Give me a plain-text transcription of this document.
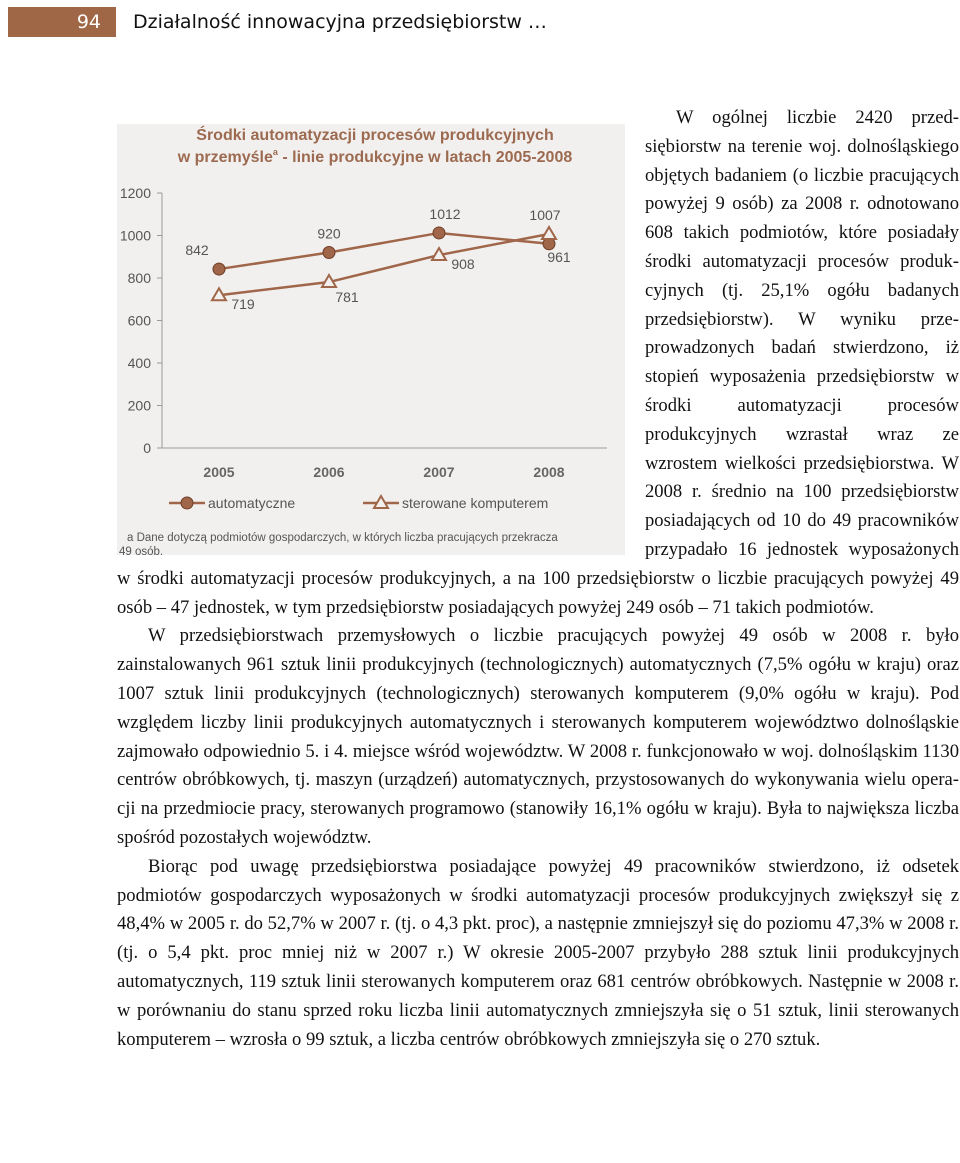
94 Działalność innowacyjna przedsiębiorstw …
Środki automatyzacji procesów produkcyjnych
w przemyśle$^a$ - linie produkcyjne w latach 2005-2008
0
200
400
600
800
1000
1200
2005	2006	2007	2008
842
920
1012
961
719	781
908
1007
automatyczne	sterowane komputerem
a Dane dotyczą podmiotów gospodarczych, w których liczba pracujących przekracza
49 osób.

W ogólnej liczbie 2420 przedsiębiorstw na terenie woj. dolnośląskiego objętych badaniem (o liczbie pracujących powyżej 9 osób) za 2008 r. odnotowano 608 takich podmiotów, które posiadały środki automatyzacji procesów produkcyjnych (tj. 25,1% ogółu badanych przedsiębiorstw). W wyniku przeprowadzonych badań stwierdzono, iż stopień wyposażenia przedsiębiorstw w środki automatyzacji procesów produkcyjnych wzrastał wraz ze wzrostem wielkości przedsiębiorstwa. W 2008 r. średnio na 100 przedsiębiorstw posiadających od 10 do 49 pracowników przypadało 16 jednostek wyposażonych w środki automatyzacji procesów produkcyjnych, a na 100 przedsiębiorstw o liczbie pracujących powyżej 49 osób – 47 jednostek, w tym przedsiębiorstw posiadających powyżej 249 osób – 71 takich podmiotów.

W przedsiębiorstwach przemysłowych o liczbie pracujących powyżej 49 osób w 2008 r. było zainstalowanych 961 sztuk linii produkcyjnych (technologicznych) automatycznych (7,5% ogółu w kraju) oraz 1007 sztuk linii produkcyjnych (technologicznych) sterowanych komputerem (9,0% ogółu w kraju). Pod względem liczby linii produkcyjnych automatycznych i sterowanych komputerem województwo dolnośląskie zajmowało odpowiednio 5. i 4. miejsce wśród województw. W 2008 r. funkcjonowało w woj. dolnośląskim 1130 centrów obróbkowych, tj. maszyn (urządzeń) automatycznych, przystosowanych do wykonywania wielu operacji na przedmiocie pracy, sterowanych programowo (stanowiły 16,1% ogółu w kraju). Była to największa liczba spośród pozostałych województw.

Biorąc pod uwagę przedsiębiorstwa posiadające powyżej 49 pracowników stwierdzono, iż odsetek podmiotów gospodarczych wyposażonych w środki automatyzacji procesów produkcyjnych zwiększył się z 48,4% w 2005 r. do 52,7% w 2007 r. (tj. o 4,3 pkt. proc), a następnie zmniejszył się do poziomu 47,3% w 2008 r. (tj. o 5,4 pkt. proc mniej niż w 2007 r.) W okresie 2005-2007 przybyło 288 sztuk linii produkcyjnych automatycznych, 119 sztuk linii sterowanych komputerem oraz 681 centrów obróbkowych. Następnie w 2008 r. w porównaniu do stanu sprzed roku liczba linii automatycznych zmniejszyła się o 51 sztuk, linii sterowanych komputerem – wzrosła o 99 sztuk, a liczba centrów obróbkowych zmniejszyła się o 270 sztuk.
